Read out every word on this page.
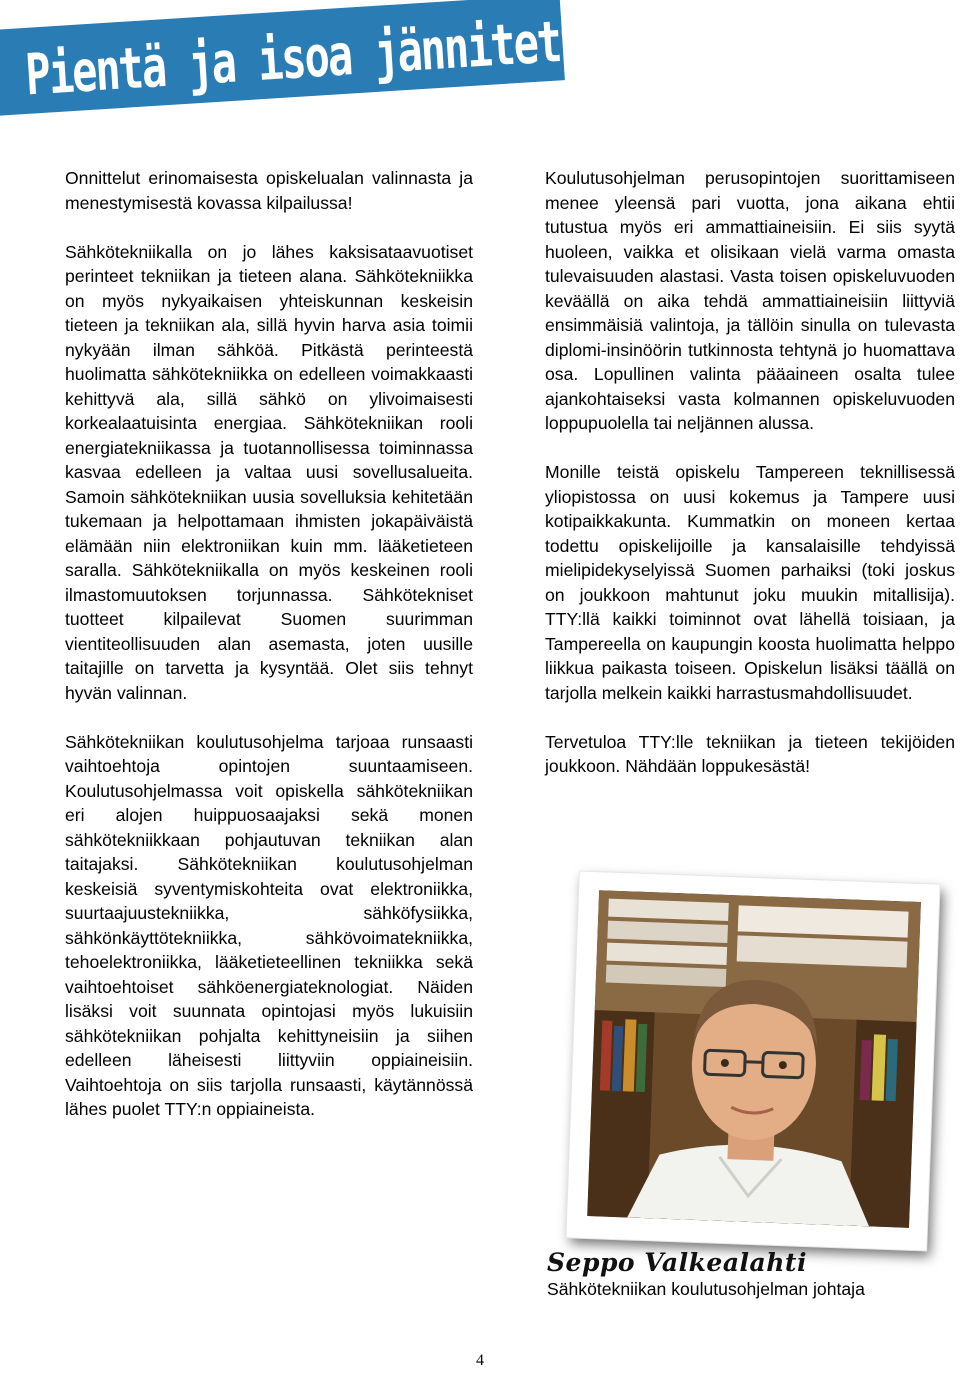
Pientä ja isoa jännitettä

Onnittelut erinomaisesta opiskelualan valinnasta ja menestymisestä kovassa kilpailussa!

Sähkötekniikalla on jo lähes kaksisataavuotiset perinteet tekniikan ja tieteen alana. Sähkötekniikka on myös nykyaikaisen yhteiskunnan keskeisin tieteen ja tekniikan ala, sillä hyvin harva asia toimii nykyään ilman sähköä. Pitkästä perinteestä huolimatta sähkötekniikka on edelleen voimakkaasti kehittyvä ala, sillä sähkö on ylivoimaisesti korkealaatuisinta energiaa. Sähkötekniikan rooli energiatekniikassa ja tuotannollisessa toiminnassa kasvaa edelleen ja valtaa uusi sovellusalueita. Samoin sähkötekniikan uusia sovelluksia kehitetään tukemaan ja helpottamaan ihmisten jokapäiväistä elämään niin elektroniikan kuin mm. lääketieteen saralla. Sähkötekniikalla on myös keskeinen rooli ilmastomuutoksen torjunnassa. Sähkötekniset tuotteet kilpailevat Suomen suurimman vientiteollisuuden alan asemasta, joten uusille taitajille on tarvetta ja kysyntää. Olet siis tehnyt hyvän valinnan.

Sähkötekniikan koulutusohjelma tarjoaa runsaasti vaihtoehtoja opintojen suuntaamiseen. Koulutusohjelmassa voit opiskella sähkötekniikan eri alojen huippuosaajaksi sekä monen sähkötekniikkaan pohjautuvan tekniikan alan taitajaksi. Sähkötekniikan koulutusohjelman keskeisiä syventymiskohteita ovat elektroniikka, suurtaajuustekniikka, sähköfysiikka, sähkönkäyttötekniikka, sähkövoimatekniikka, tehoelektroniikka, lääketieteellinen tekniikka sekä vaihtoehtoiset sähköenergiateknologiat. Näiden lisäksi voit suunnata opintojasi myös lukuisiin sähkötekniikan pohjalta kehittyneisiin ja siihen edelleen läheisesti liittyviin oppiaineisiin. Vaihtoehtoja on siis tarjolla runsaasti, käytännössä lähes puolet TTY:n oppiaineista.

Koulutusohjelman perusopintojen suorittamiseen menee yleensä pari vuotta, jona aikana ehtii tutustua myös eri ammattiaineisiin. Ei siis syytä huoleen, vaikka et olisikaan vielä varma omasta tulevaisuuden alastasi. Vasta toisen opiskeluvuoden keväällä on aika tehdä ammattiaineisiin liittyviä ensimmäisiä valintoja, ja tällöin sinulla on tulevasta diplomi-insinöörin tutkinnosta tehtynä jo huomattava osa. Lopullinen valinta pääaineen osalta tulee ajankohtaiseksi vasta kolmannen opiskeluvuoden loppupuolella tai neljännen alussa.

Monille teistä opiskelu Tampereen teknillisessä yliopistossa on uusi kokemus ja Tampere uusi kotipaikkakunta. Kummatkin on moneen kertaa todettu opiskelijoille ja kansalaisille tehdyissä mielipidekyselyissä Suomen parhaiksi (toki joskus on joukkoon mahtunut joku muukin mitallisija). TTY:llä kaikki toiminnot ovat lähellä toisiaan, ja Tampereella on kaupungin koosta huolimatta helppo liikkua paikasta toiseen. Opiskelun lisäksi täällä on tarjolla melkein kaikki harrastusmahdollisuudet.

Tervetuloa TTY:lle tekniikan ja tieteen tekijöiden joukkoon. Nähdään loppukesästä!

Seppo Valkealahti
Sähkötekniikan koulutusohjelman johtaja
4
